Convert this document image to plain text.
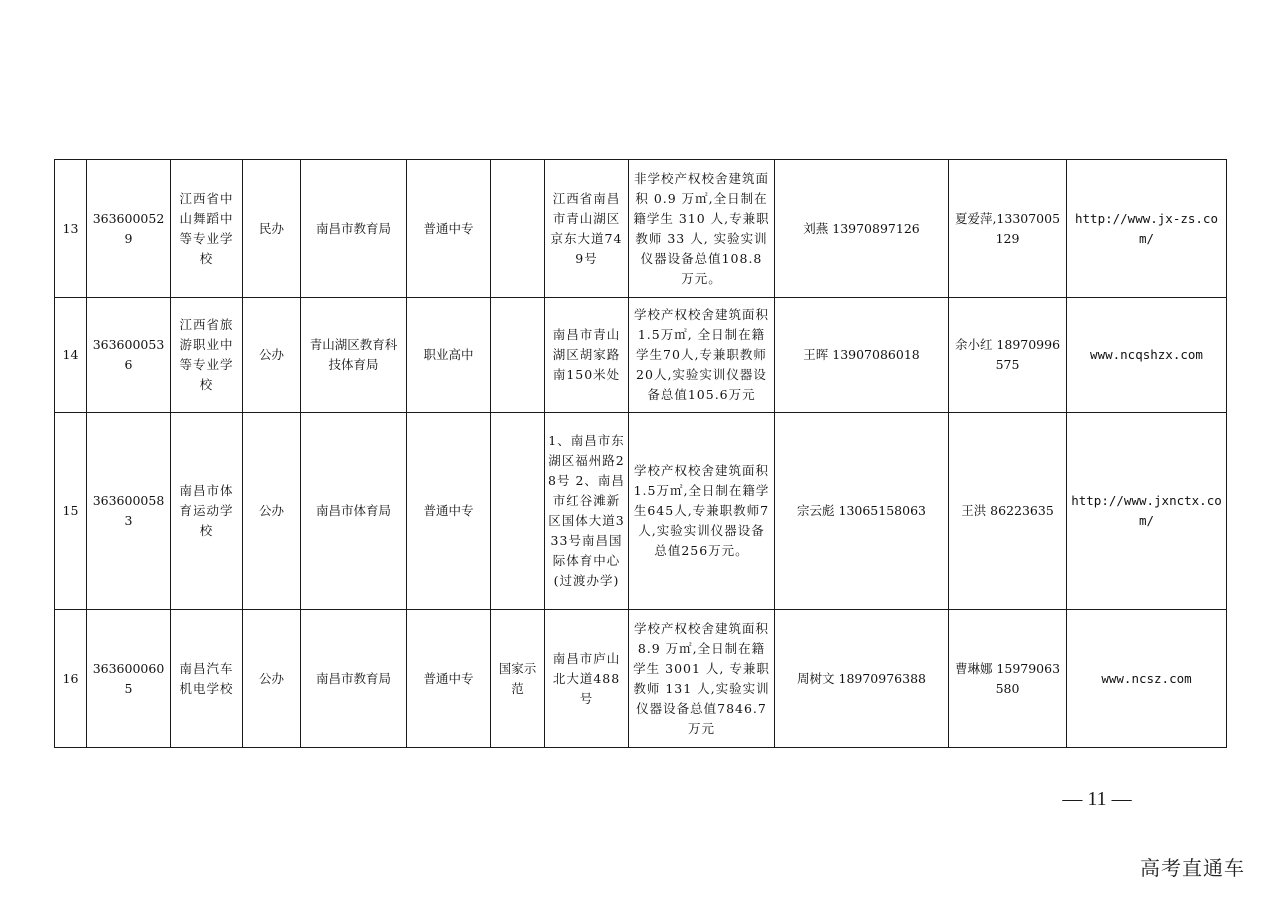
13	3636000529	江西省中山舞蹈中等专业学校	民办	南昌市教育局	普通中专		江西省南昌市青山湖区京东大道749号	非学校产权校舍建筑面积 0.9 万㎡,全日制在籍学生 310 人,专兼职教师 33 人, 实验实训仪器设备总值108.8 万元。	刘燕 13970897126	夏爱萍,13307005129	http://www.jx-zs.com/
14	3636000536	江西省旅游职业中等专业学校	公办	青山湖区教育科技体育局	职业高中		南昌市青山湖区胡家路南150米处	学校产权校舍建筑面积1.5万㎡, 全日制在籍学生70人,专兼职教师20人,实验实训仪器设备总值105.6万元	王晖 13907086018	余小红 18970996575	www.ncqshzx.com
15	3636000583	南昌市体育运动学校	公办	南昌市体育局	普通中专		1、南昌市东湖区福州路28号 2、南昌市红谷滩新区国体大道333号南昌国际体育中心(过渡办学)	学校产权校舍建筑面积1.5万㎡,全日制在籍学生645人,专兼职教师7人,实验实训仪器设备总值256万元。	宗云彪 13065158063	王洪 86223635	http://www.jxnctx.com/
16	3636000605	南昌汽车机电学校	公办	南昌市教育局	普通中专	国家示范	南昌市庐山北大道488号	学校产权校舍建筑面积 8.9 万㎡,全日制在籍学生 3001 人, 专兼职教师 131 人,实验实训仪器设备总值7846.7 万元	周树文 18970976388	曹琳娜 15979063580	www.ncsz.com
— 11 —
高考直通车
